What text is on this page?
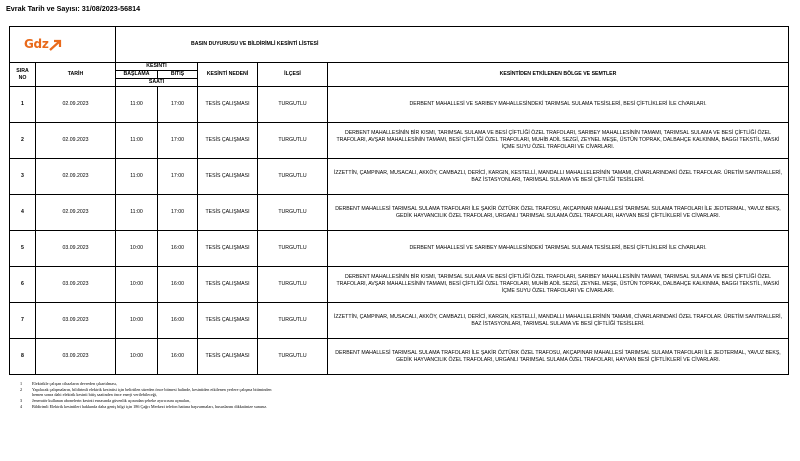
Evrak Tarih ve Sayısı: 31/08/2023-56814
Gdz		BASIN DUYURUSU VE BİLDİRİMLİ KESİNTİ LİSTESİ				
SIRA NO	TARİH	KESİNTİ		KESİNTİ NEDENİ	İLÇESİ	KESİNTİDEN ETKİLENEN BÖLGE VE SEMTLER
		BAŞLAMA	BİTİŞ			
		SAATİ				
1	02.09.2023	11:00	17:00	TESİS ÇALIŞMASI	TURGUTLU	DERBENT MAHALLESİ VE SARIBEY MAHALLESİNDEKİ TARIMSAL SULAMA TESİSLERİ, BESİ ÇİFTLİKLERİ İLE CİVARLARI.
2	02.09.2023	11:00	17:00	TESİS ÇALIŞMASI	TURGUTLU	DERBENT MAHALLESİNİN BİR KISMI, TARIMSAL SULAMA VE BESİ ÇİFTLİĞİ ÖZEL TRAFOLARI, SARIBEY MAHALLESİNİN TAMAMI, TARIMSAL SULAMA VE BESİ ÇİFTLİĞİ ÖZEL TRAFOLARI, AVŞAR MAHALLESİNİN TAMAMI, BESİ ÇİFTLİĞİ ÖZEL TRAFOLARI, MUHİB ADİL SEZGİ, ZEYNEL MEŞE, ÜSTÜN TOPRAK, DALBAHÇE KALKINMA, BAGGI TEKSTİL, MASKİ İÇME SUYU ÖZEL TRAFOLARI VE CİVARLARI.
3	02.09.2023	11:00	17:00	TESİS ÇALIŞMASI	TURGUTLU	İZZETTİN, ÇAMPINAR, MUSACALI, AKKÖY, CAMBAZLI, DERİCİ, KARGIN, KESTELLİ, MANDALLI MAHALLELERİNİN TAMAMI, CİVARLARINDAKİ ÖZEL TRAFOLAR. ÜRETİM SANTRALLERİ, BAZ İSTASYONLARI, TARIMSAL SULAMA VE BESİ ÇİFTLİĞİ TESİSLERİ.
4	02.09.2023	11:00	17:00	TESİS ÇALIŞMASI	TURGUTLU	DERBENT MAHALLESİ TARIMSAL SULAMA TRAFOLARI İLE ŞAKİR ÖZTÜRK ÖZEL TRAFOSU, AKÇAPINAR MAHALLESİ TARIMSAL SULAMA TRAFOLARI İLE JEOTERMAL, YAVUZ BEKŞ, GEDİK HAYVANCILIK ÖZEL TRAFOLARI, URGANLI TARIMSAL SULAMA ÖZEL TRAFOLARI, HAYVAN BESİ ÇİFTLİKLERİ VE CİVARLARI.
5	03.09.2023	10:00	16:00	TESİS ÇALIŞMASI	TURGUTLU	DERBENT MAHALLESİ VE SARIBEY MAHALLESİNDEKİ TARIMSAL SULAMA TESİSLERİ, BESİ ÇİFTLİKLERİ İLE CİVARLARI.
6	03.09.2023	10:00	16:00	TESİS ÇALIŞMASI	TURGUTLU	DERBENT MAHALLESİNİN BİR KISMI, TARIMSAL SULAMA VE BESİ ÇİFTLİĞİ ÖZEL TRAFOLARI, SARIBEY MAHALLESİNİN TAMAMI, TARIMSAL SULAMA VE BESİ ÇİFTLİĞİ ÖZEL TRAFOLARI, AVŞAR MAHALLESİNİN TAMAMI, BESİ ÇİFTLİĞİ ÖZEL TRAFOLARI, MUHİB ADİL SEZGİ, ZEYNEL MEŞE, ÜSTÜN TOPRAK, DALBAHÇE KALKINMA, BAGGI TEKSTİL, MASKİ İÇME SUYU ÖZEL TRAFOLARI VE CİVARLARI.
7	03.09.2023	10:00	16:00	TESİS ÇALIŞMASI	TURGUTLU	İZZETTİN, ÇAMPINAR, MUSACALI, AKKÖY, CAMBAZLI, DERİCİ, KARGIN, KESTELLİ, MANDALLI MAHALLELERİNİN TAMAMI, CİVARLARINDAKİ ÖZEL TRAFOLAR. ÜRETİM SANTRALLERİ, BAZ İSTASYONLARI, TARIMSAL SULAMA VE BESİ ÇİFTLİĞİ TESİSLERİ.
8	03.09.2023	10:00	16:00	TESİS ÇALIŞMASI	TURGUTLU	DERBENT MAHALLESİ TARIMSAL SULAMA TRAFOLARI İLE ŞAKİR ÖZTÜRK ÖZEL TRAFOSU, AKÇAPINAR MAHALLESİ TARIMSAL SULAMA TRAFOLARI İLE JEOTERMAL, YAVUZ BEKŞ, GEDİK HAYVANCILIK ÖZEL TRAFOLARI, URGANLI TARIMSAL SULAMA ÖZEL TRAFOLARI, HAYVAN BESİ ÇİFTLİKLERİ VE CİVARLARI.
1	Elektrikle çalışan cihazların devreden çıkartılması,
2	Yapılacak çalışmaların, bildirimli elektrik kesintisi için belirtilen süreden önce bitmesi halinde, kesintiden etkilenen yerlere çalışma bitiminden hemen sonra dahi elektrik kesinti bitiş saatinden önce enerji verilebileceği,
3	Jeneratör kullanan abonelerin kesinti esnasında güvenlik açısından şebeke ayırıcısını açmaları,
4	Bildirimli Elektrik kesintileri hakkında daha geniş bilgi için 186 Çağrı Merkezi telefon hattına başvurmaları, hususlarını dikkatinize sunarız.
